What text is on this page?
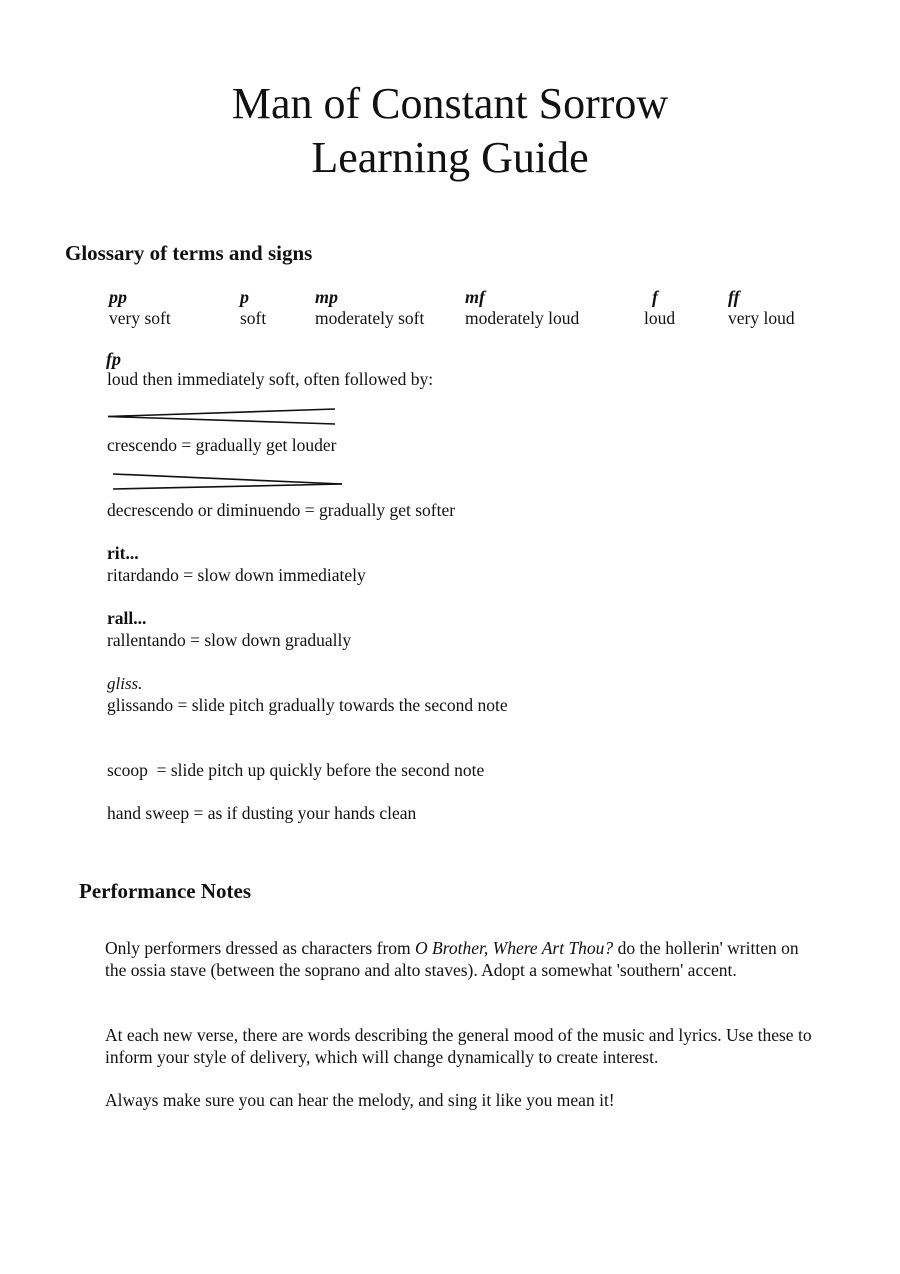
Man of Constant Sorrow
Learning Guide
Glossary of terms and signs
pp
very soft
p
soft
mp
moderately soft
mf
moderately loud
f
loud
ff
very loud
fp
loud then immediately soft, often followed by:
crescendo = gradually get louder
decrescendo or diminuendo = gradually get softer
rit...
ritardando = slow down immediately
rall...
rallentando = slow down gradually
gliss.
glissando = slide pitch gradually towards the second note
scoop  = slide pitch up quickly before the second note
hand sweep = as if dusting your hands clean
Performance Notes

Only performers dressed as characters from O Brother, Where Art Thou? do the hollerin' written on the ossia stave (between the soprano and alto staves). Adopt a somewhat 'southern' accent.

At each new verse, there are words describing the general mood of the music and lyrics. Use these to inform your style of delivery, which will change dynamically to create interest.

Always make sure you can hear the melody, and sing it like you mean it!
